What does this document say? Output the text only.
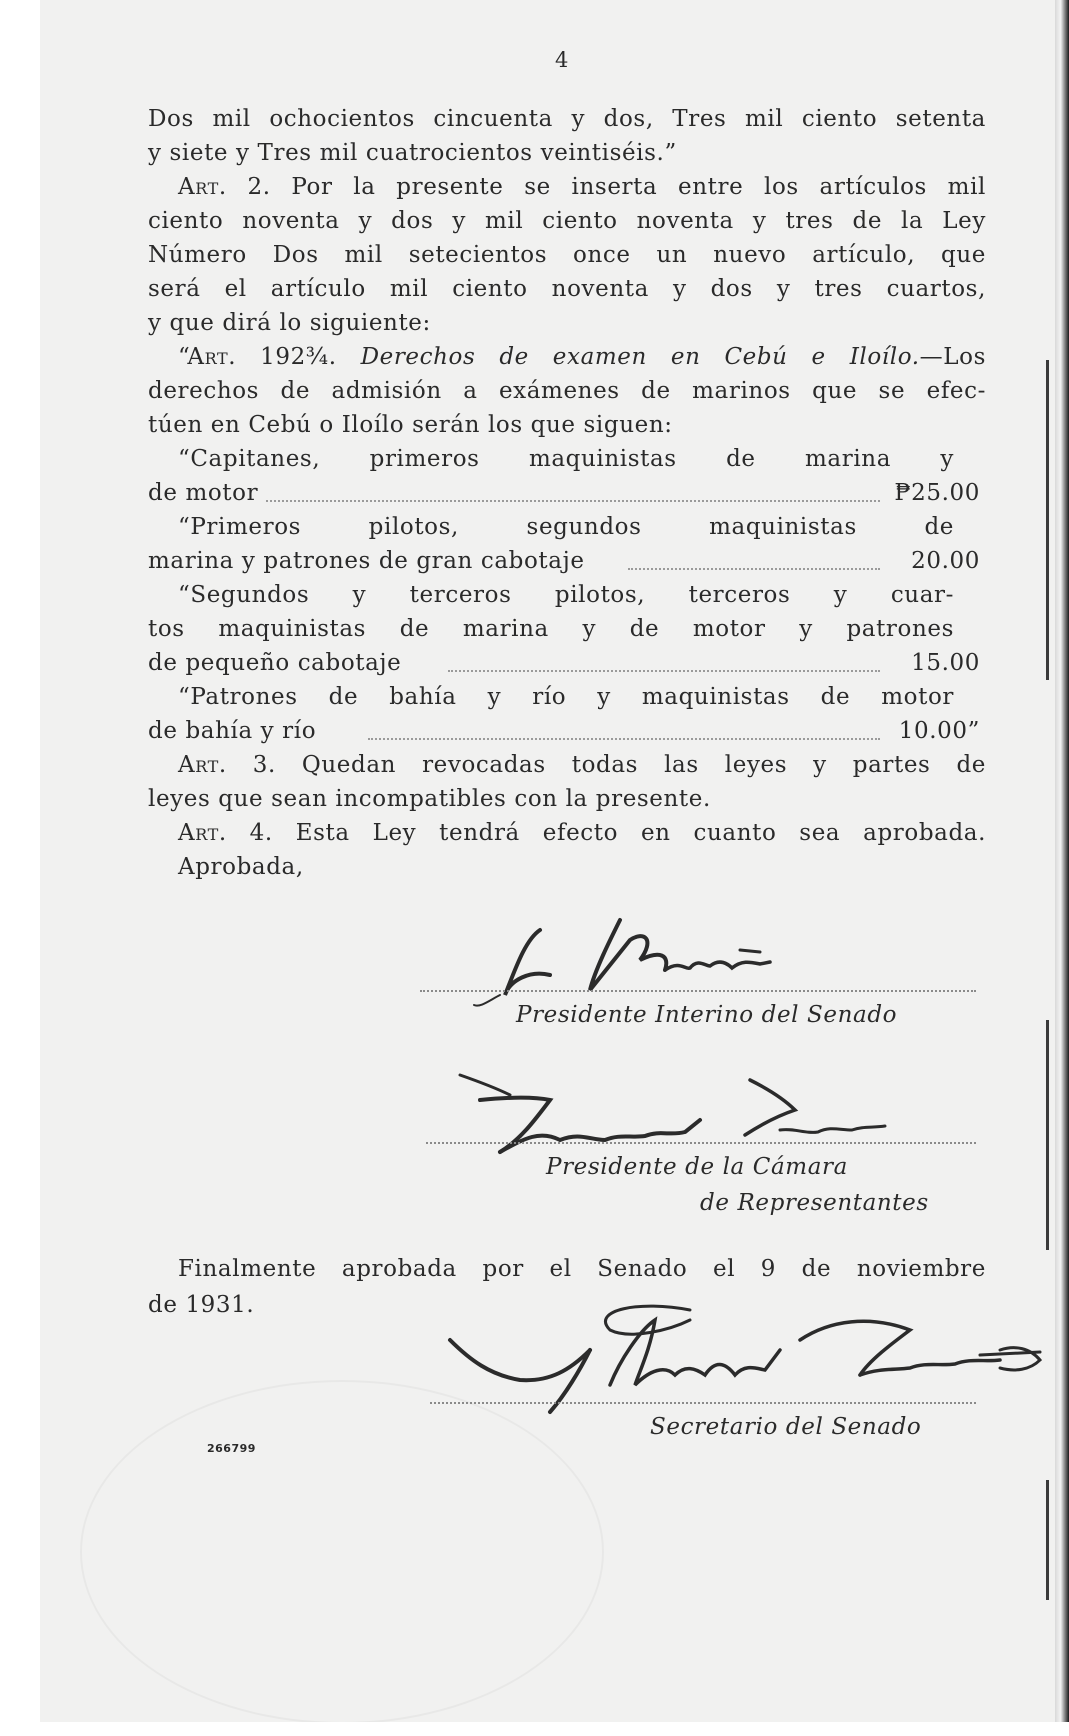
4
Dos mil ochocientos cincuenta y dos, Tres mil ciento setenta
y siete y Tres mil cuatrocientos veintiséis.”
Art. 2. Por la presente se inserta entre los artículos mil
ciento noventa y dos y mil ciento noventa y tres de la Ley
Número Dos mil setecientos once un nuevo artículo, que
será el artículo mil ciento noventa y dos y tres cuartos,
y que dirá lo siguiente:
“Art. 192¾. Derechos de examen en Cebú e Iloílo.—Los
derechos de admisión a exámenes de marinos que se efec-
túen en Cebú o Iloílo serán los que siguen:
“Capitanes, primeros maquinistas de marina y
de motor	₱25.00
“Primeros pilotos, segundos maquinistas de
marina y patrones de gran cabotaje	20.00
“Segundos y terceros pilotos, terceros y cuar-
tos maquinistas de marina y de motor y patrones
de pequeño cabotaje	15.00
“Patrones de bahía y río y maquinistas de motor
de bahía y río	10.00”
Art. 3. Quedan revocadas todas las leyes y partes de
leyes que sean incompatibles con la presente.
Art. 4. Esta Ley tendrá efecto en cuanto sea aprobada.
Aprobada,
Presidente Interino del Senado
Presidente de la Cámara
de Representantes
Finalmente aprobada por el Senado el 9 de noviembre
de 1931.
Secretario del Senado
266799
